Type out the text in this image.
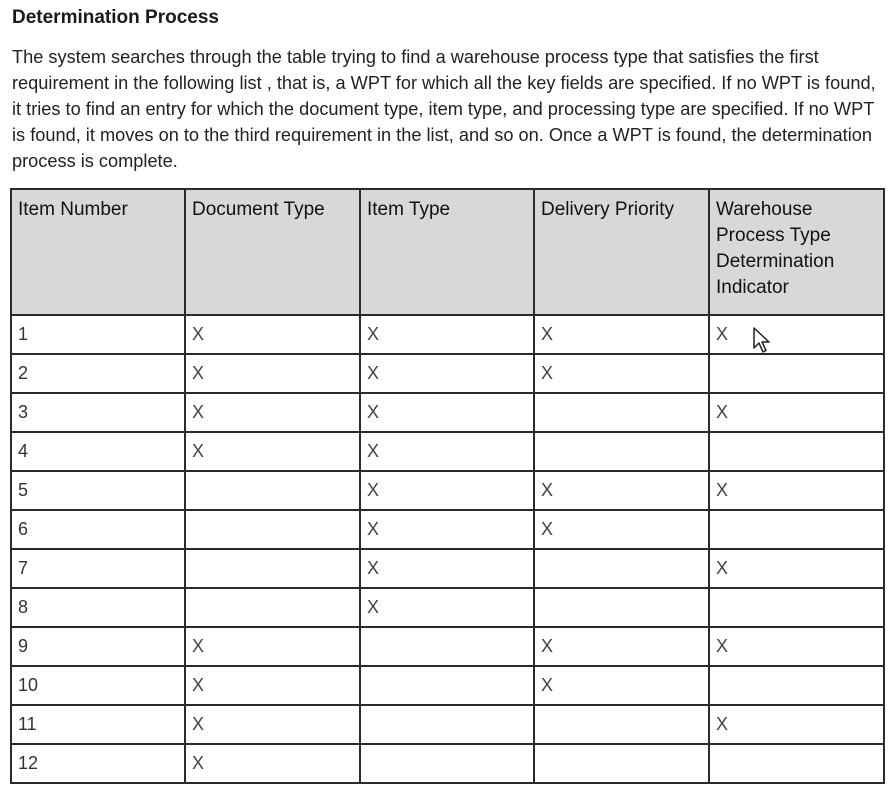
Determination Process

The system searches through the table trying to find a warehouse process type that satisfies the first requirement in the following list , that is, a WPT for which all the key fields are specified. If no WPT is found, it tries to find an entry for which the document type, item type, and processing type are specified. If no WPT is found, it moves on to the third requirement in the list, and so on. Once a WPT is found, the determination process is complete.

Item Number	Document Type	Item Type	Delivery Priority	Warehouse Process Type Determination Indicator
1	X	X	X	X
2	X	X	X	
3	X	X		X
4	X	X		
5		X	X	X
6		X	X	
7		X		X
8		X		
9	X		X	X
10	X		X	
11	X			X
12	X			
